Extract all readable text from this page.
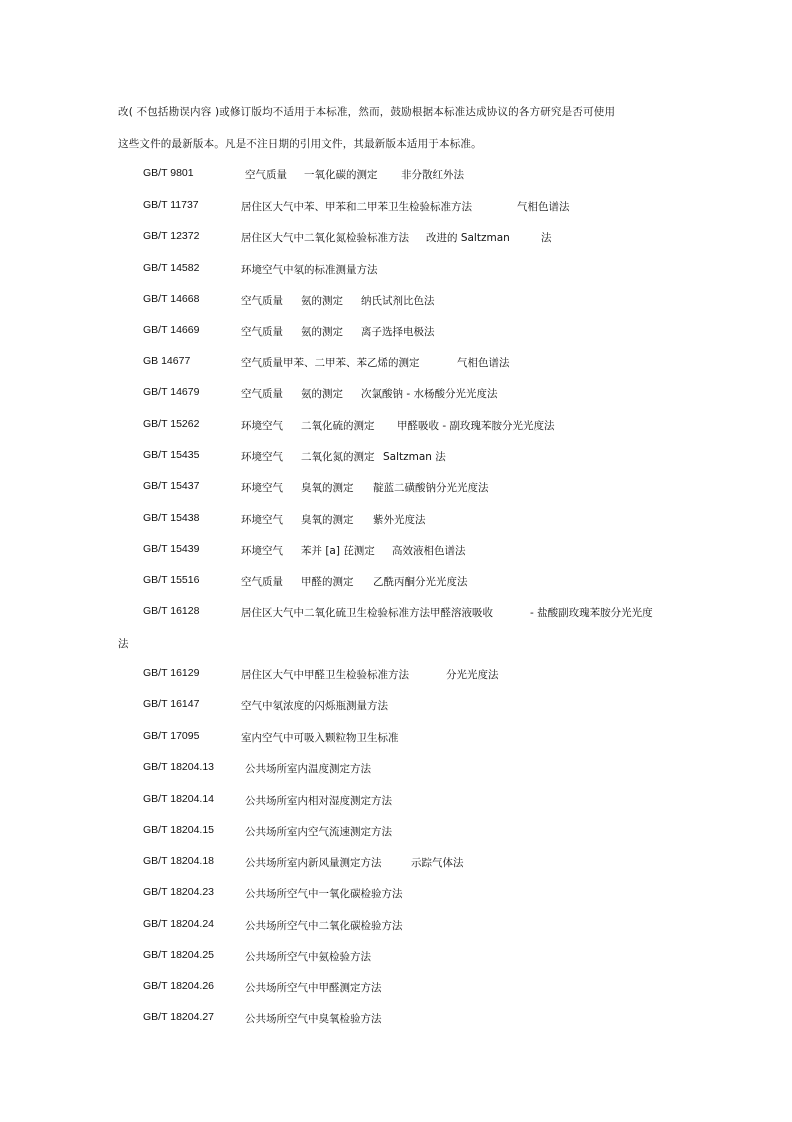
改( 不包括勘误内容 )或修订版均不适用于本标准，然而，鼓励根据本标准达成协议的各方研究是否可使用
这些文件的最新版本。凡是不注日期的引用文件，其最新版本适用于本标准。
GB/T 9801	空气质量 一氧化碳的测定 非分散红外法
GB/T 11737	居住区大气中苯、甲苯和二甲苯卫生检验标准方法	气相色谱法
GB/T 12372	居住区大气中二氧化氮检验标准方法 改进的 Saltzman	法
GB/T 14582	环境空气中氡的标准测量方法
GB/T 14668	空气质量 氨的测定 纳氏试剂比色法
GB/T 14669	空气质量 氨的测定 离子选择电极法
GB 14677	空气质量甲苯、二甲苯、苯乙烯的测定	气相色谱法
GB/T 14679	空气质量 氨的测定 次氯酸钠 - 水杨酸分光光度法
GB/T 15262	环境空气 二氧化硫的测定 甲醛吸收 - 副玫瑰苯胺分光光度法
GB/T 15435	环境空气 二氧化氮的测定 Saltzman 法
GB/T 15437	环境空气 臭氧的测定 靛蓝二磺酸钠分光光度法
GB/T 15438	环境空气 臭氧的测定 紫外光度法
GB/T 15439	环境空气 苯并 [a] 芘测定 高效液相色谱法
GB/T 15516	空气质量 甲醛的测定 乙酰丙酮分光光度法
GB/T 16128	居住区大气中二氧化硫卫生检验标准方法甲醛溶液吸收	- 盐酸副玫瑰苯胺分光光度
法
GB/T 16129	居住区大气中甲醛卫生检验标准方法	分光光度法
GB/T 16147	空气中氡浓度的闪烁瓶测量方法
GB/T 17095	室内空气中可吸入颗粒物卫生标准
GB/T 18204.13	公共场所室内温度测定方法
GB/T 18204.14	公共场所室内相对湿度测定方法
GB/T 18204.15	公共场所室内空气流速测定方法
GB/T 18204.18	公共场所室内新风量测定方法	示踪气体法
GB/T 18204.23	公共场所空气中一氧化碳检验方法
GB/T 18204.24	公共场所空气中二氧化碳检验方法
GB/T 18204.25	公共场所空气中氨检验方法
GB/T 18204.26	公共场所空气中甲醛测定方法
GB/T 18204.27	公共场所空气中臭氧检验方法
